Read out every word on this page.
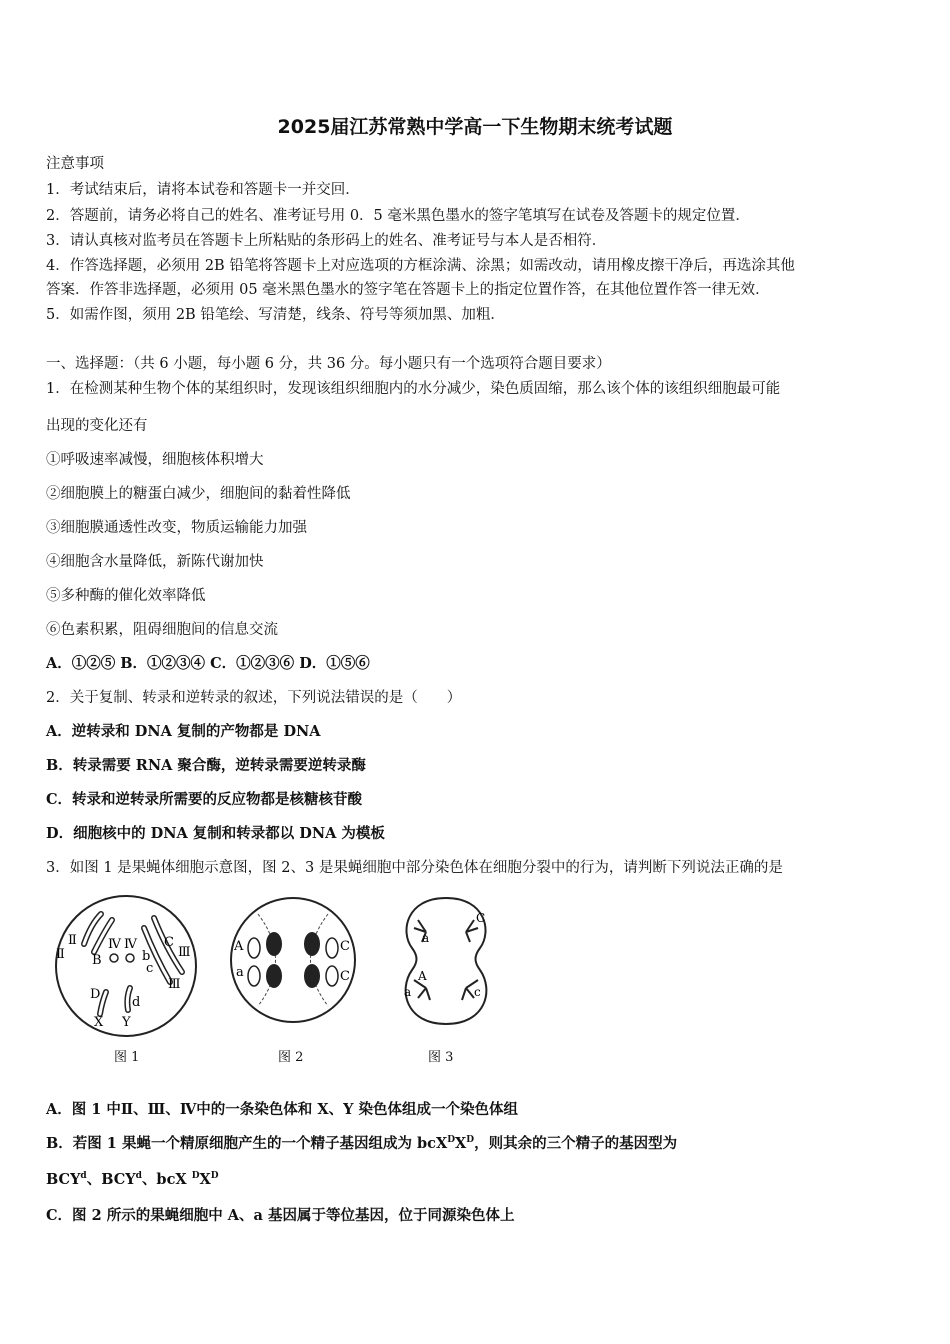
2025届江苏常熟中学高一下生物期末统考试题
注意事项
1．考试结束后，请将本试卷和答题卡一并交回．
2．答题前，请务必将自己的姓名、准考证号用 0．5 毫米黑色墨水的签字笔填写在试卷及答题卡的规定位置．
3．请认真核对监考员在答题卡上所粘贴的条形码上的姓名、准考证号与本人是否相符．
4．作答选择题，必须用 2B 铅笔将答题卡上对应选项的方框涂满、涂黑；如需改动，请用橡皮擦干净后，再选涂其他
答案．作答非选择题，必须用 05 毫米黑色墨水的签字笔在答题卡上的指定位置作答，在其他位置作答一律无效．
5．如需作图，须用 2B 铅笔绘、写清楚，线条、符号等须加黑、加粗．
一、选择题：（共 6 小题，每小题 6 分，共 36 分。每小题只有一个选项符合题目要求）
1．在检测某种生物个体的某组织时，发现该组织细胞内的水分减少，染色质固缩，那么该个体的该组织细胞最可能
出现的变化还有
①呼吸速率减慢，细胞核体积增大
②细胞膜上的糖蛋白减少，细胞间的黏着性降低
③细胞膜通透性改变，物质运输能力加强
④细胞含水量降低，新陈代谢加快
⑤多种酶的催化效率降低
⑥色素积累，阻碍细胞间的信息交流
A．①②⑤ B．①②③④ C．①②③⑥ D．①⑤⑥
2．关于复制、转录和逆转录的叙述，下列说法错误的是（　　）
A．逆转录和 DNA 复制的产物都是 DNA
B．转录需要 RNA 聚合酶，逆转录需要逆转录酶
C．转录和逆转录所需要的反应物都是核糖核苷酸
D．细胞核中的 DNA 复制和转录都以 DNA 为模板
3．如图 1 是果蝇体细胞示意图，图 2、3 是果蝇细胞中部分染色体在细胞分裂中的行为，请判断下列说法正确的是
Ⅱ
Ⅱ
B
Ⅳ Ⅳ C
Ⅲ
c
Ⅲ
b
D
d
X Y
图 1
A
a
C
C
图 2
a
C
A
a	c
图 3
A．图 1 中Ⅱ、Ⅲ、Ⅳ中的一条染色体和 X、Y 染色体组成一个染色体组
B．若图 1 果蝇一个精原细胞产生的一个精子基因组成为 $bcX^DX^D$，则其余的三个精子的基因型为
BCY$^d$、BCY$^d$、bcX $^DX^D$
C．图 2 所示的果蝇细胞中 A、a 基因属于等位基因，位于同源染色体上
